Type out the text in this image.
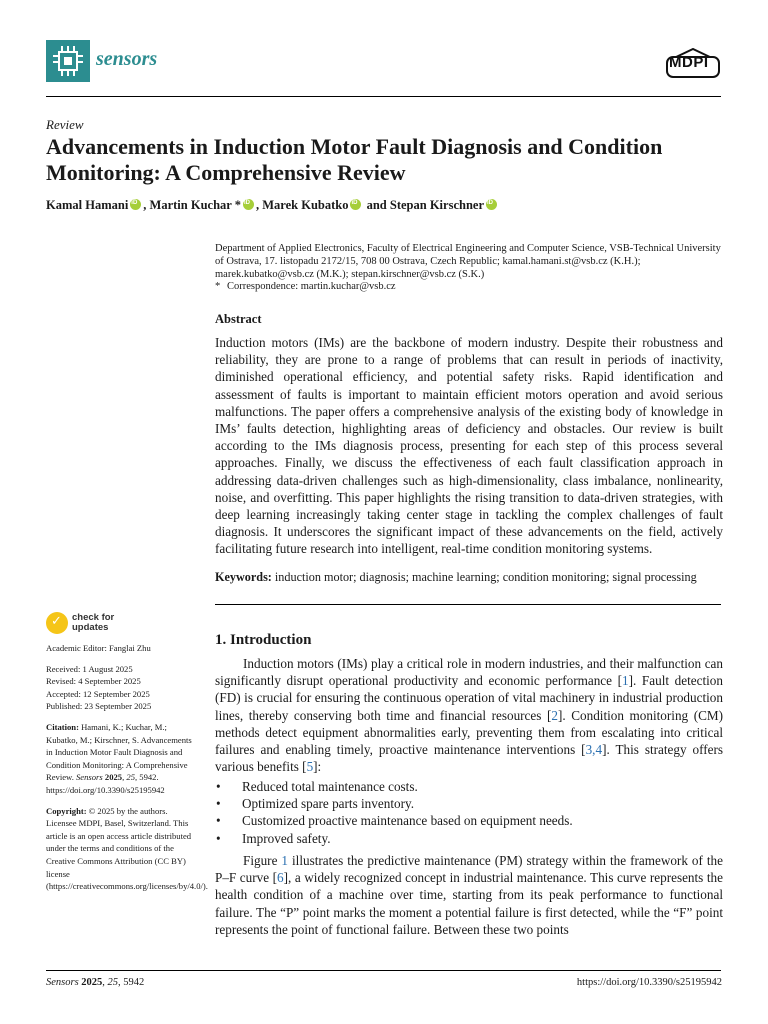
sensors	MDPI
Review
Advancements in Induction Motor Fault Diagnosis and Condition Monitoring: A Comprehensive Review
Kamal Hamani iD , Martin Kuchar * iD , Marek KubatkoiD and Stepan KirschneriD
Department of Applied Electronics, Faculty of Electrical Engineering and Computer Science, VSB-Technical University of Ostrava, 17. listopadu 2172/15, 708 00 Ostrava, Czech Republic; kamal.hamani.st@vsb.cz (K.H.); marek.kubatko@vsb.cz (M.K.); stepan.kirschner@vsb.cz (S.K.)
* Correspondence: martin.kuchar@vsb.cz
Abstract

Induction motors (IMs) are the backbone of modern industry. Despite their robustness and reliability, they are prone to a range of problems that can result in periods of inactivity, diminished operational efficiency, and potential safety risks. Rapid identification and assessment of faults is important to maintain efficient motors operation and avoid serious malfunctions. The paper offers a comprehensive analysis of the existing body of knowledge in IMs’ faults detection, highlighting areas of deficiency and obstacles. Our review is built according to the IMs diagnosis process, presenting for each step of this process several approaches. Finally, we discuss the effectiveness of each fault classification approach in addressing data-driven challenges such as high-dimensionality, class imbalance, nonlinearity, noise, and overfitting. This paper highlights the rising transition to data-driven strategies, with deep learning increasingly taking center stage in tackling the complex challenges of fault diagnosis. It underscores the significant impact of these advancements on the field, actively facilitating future research into intelligent, real-time condition monitoring systems.

Keywords: induction motor; diagnosis; machine learning; condition monitoring; signal processing
✓
check for
updates

Academic Editor: Fanglai Zhu

Received: 1 August 2025

Revised: 4 September 2025

Accepted: 12 September 2025

Published: 23 September 2025

Citation: Hamani, K.; Kuchar, M.; Kubatko, M.; Kirschner, S. Advancements in Induction Motor Fault Diagnosis and Condition Monitoring: A Comprehensive Review. Sensors 2025, 25, 5942. https://doi.org/10.3390/s25195942

Copyright: © 2025 by the authors. Licensee MDPI, Basel, Switzerland. This article is an open access article distributed under the terms and conditions of the Creative Commons Attribution (CC BY) license (https://creativecommons.org/licenses/by/4.0/).

1. Introduction

Induction motors (IMs) play a critical role in modern industries, and their malfunction can significantly disrupt operational productivity and economic performance [1]. Fault detection (FD) is crucial for ensuring the continuous operation of vital machinery in industrial production lines, thereby conserving both time and financial resources [2]. Condition monitoring (CM) methods detect equipment abnormalities early, preventing them from escalating into critical failures and enabling timely, proactive maintenance interventions [3,4]. This strategy offers various benefits [5]:

• Reduced total maintenance costs.
• Optimized spare parts inventory.
• Customized proactive maintenance based on equipment needs.
• Improved safety.

Figure 1 illustrates the predictive maintenance (PM) strategy within the framework of the P–F curve [6], a widely recognized concept in industrial maintenance. This curve represents the health condition of a machine over time, starting from its peak performance to functional failure. The “P” point marks the moment a potential failure is first detected, while the “F” point represents the point of functional failure. Between these two points

Sensors 2025, 25, 5942	https://doi.org/10.3390/s25195942
